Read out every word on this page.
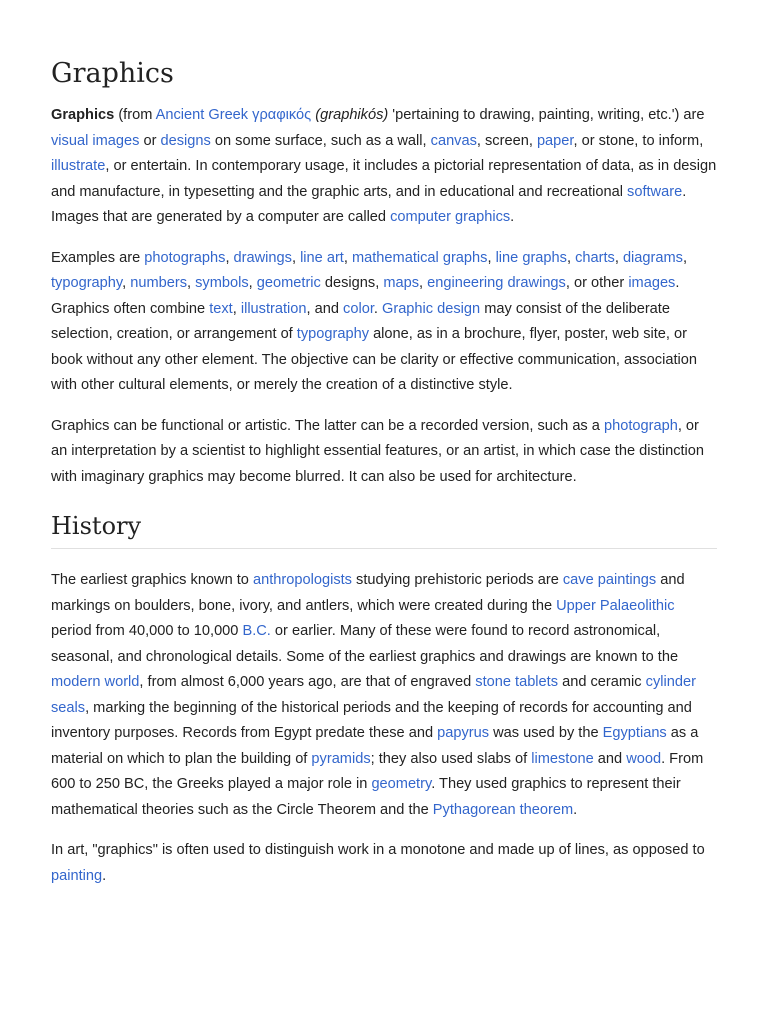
Graphics

Graphics (from Ancient Greek γραφικός (graphikós) 'pertaining to drawing, painting, writing, etc.') are visual images or designs on some surface, such as a wall, canvas, screen, paper, or stone, to inform, illustrate, or entertain. In contemporary usage, it includes a pictorial representation of data, as in design and manufacture, in typesetting and the graphic arts, and in educational and recreational software. Images that are generated by a computer are called computer graphics.

Examples are photographs, drawings, line art, mathematical graphs, line graphs, charts, diagrams, typography, numbers, symbols, geometric designs, maps, engineering drawings, or other images. Graphics often combine text, illustration, and color. Graphic design may consist of the deliberate selection, creation, or arrangement of typography alone, as in a brochure, flyer, poster, web site, or book without any other element. The objective can be clarity or effective communication, association with other cultural elements, or merely the creation of a distinctive style.

Graphics can be functional or artistic. The latter can be a recorded version, such as a photograph, or an interpretation by a scientist to highlight essential features, or an artist, in which case the distinction with imaginary graphics may become blurred. It can also be used for architecture.

History

The earliest graphics known to anthropologists studying prehistoric periods are cave paintings and markings on boulders, bone, ivory, and antlers, which were created during the Upper Palaeolithic period from 40,000 to 10,000 B.C. or earlier. Many of these were found to record astronomical, seasonal, and chronological details. Some of the earliest graphics and drawings are known to the modern world, from almost 6,000 years ago, are that of engraved stone tablets and ceramic cylinder seals, marking the beginning of the historical periods and the keeping of records for accounting and inventory purposes. Records from Egypt predate these and papyrus was used by the Egyptians as a material on which to plan the building of pyramids; they also used slabs of limestone and wood. From 600 to 250 BC, the Greeks played a major role in geometry. They used graphics to represent their mathematical theories such as the Circle Theorem and the Pythagorean theorem.

In art, "graphics" is often used to distinguish work in a monotone and made up of lines, as opposed to painting.
